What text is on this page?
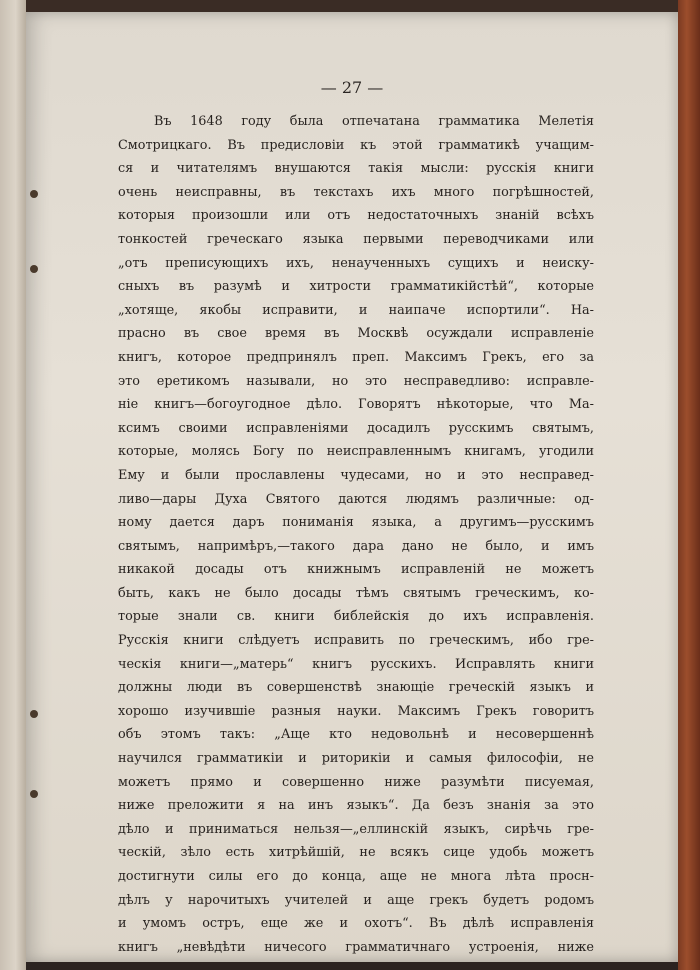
— 27 —
Въ 1648 году была отпечатана грамматика Мелетія
Смотрицкаго. Въ предисловіи къ этой грамматикѣ учащим-
ся и читателямъ внушаются такія мысли: русскія книги
очень неисправны, въ текстахъ ихъ много погрѣшностей,
которыя произошли или отъ недостаточныхъ знаній всѣхъ
тонкостей греческаго языка первыми переводчиками или
„отъ преписующихъ ихъ, ненаученныхъ сущихъ и неиску-
сныхъ въ разумѣ и хитрости грамматикійстѣй“, которые
„хотяще, якобы исправити, и наипаче испортили“. На-
прасно въ свое время въ Москвѣ осуждали исправленіе
книгъ, которое предпринялъ преп. Максимъ Грекъ, его за
это еретикомъ называли, но это несправедливо: исправле-
ніе книгъ—богоугодное дѣло. Говорятъ нѣкоторые, что Ма-
ксимъ своими исправленіями досадилъ русскимъ святымъ,
которые, молясь Богу по неисправленнымъ книгамъ, угодили
Ему и были прославлены чудесами, но и это несправед-
ливо—дары Духа Святого даются людямъ различные: од-
ному дается даръ пониманія языка, а другимъ—русскимъ
святымъ, напримѣръ,—такого дара дано не было, и имъ
никакой досады отъ книжнымъ исправленій не можетъ
быть, какъ не было досады тѣмъ святымъ греческимъ, ко-
торые знали св. книги библейскія до ихъ исправленія.
Русскія книги слѣдуетъ исправить по греческимъ, ибо гре-
ческія книги—„матерь“ книгъ русскихъ. Исправлять книги
должны люди въ совершенствѣ знающіе греческій языкъ и
хорошо изучившіе разныя науки. Максимъ Грекъ говоритъ
объ этомъ такъ: „Аще кто недовольнѣ и несовершеннѣ
научился грамматикіи и риторикіи и самыя философіи, не
можетъ прямо и совершенно ниже разумѣти писуемая,
ниже преложити я на инъ языкъ“. Да безъ знанія за это
дѣло и приниматься нельзя—„еллинскій языкъ, сирѣчь гре-
ческій, зѣло есть хитрѣйшій, не всякъ сице удобь можетъ
достигнути силы его до конца, аще не многа лѣта просн-
дѣлъ у нарочитыхъ учителей и аще грекъ будетъ родомъ
и умомъ остръ, еще же и охотъ“. Въ дѣлѣ исправленія
книгъ „невѣдѣти ничесого грамматичнаго устроенія, ниже
